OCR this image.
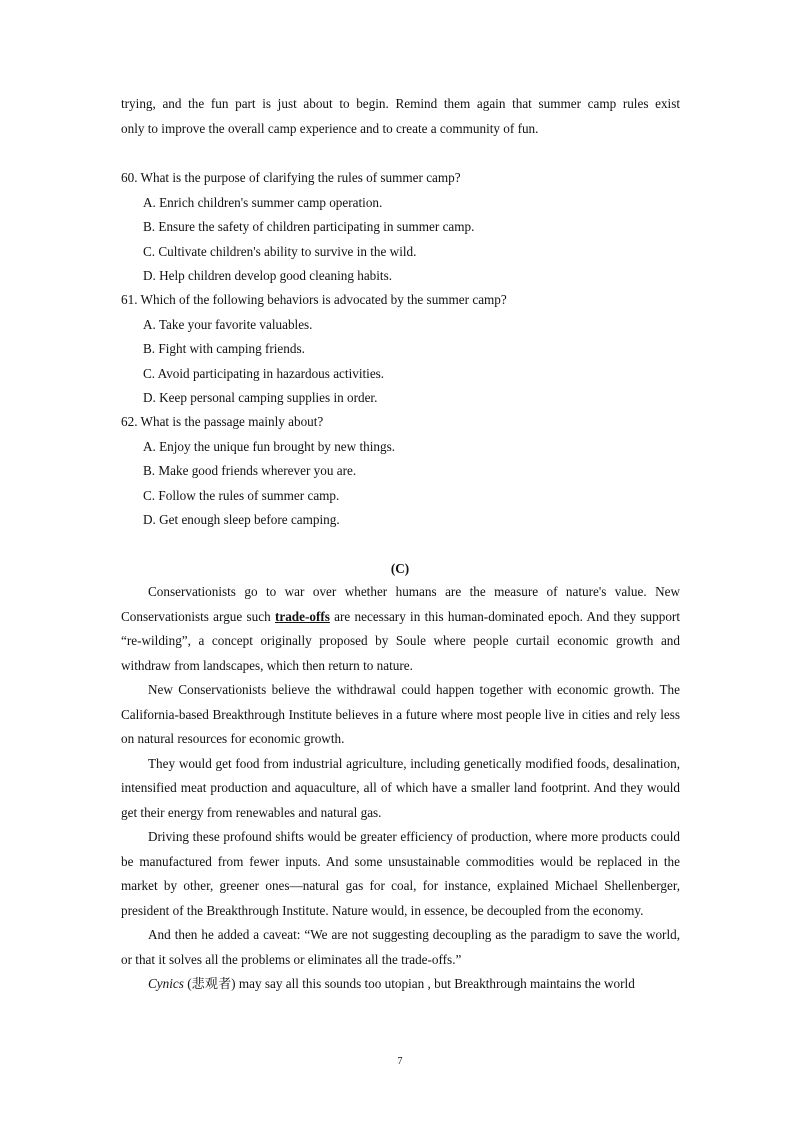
trying, and the fun part is just about to begin. Remind them again that summer camp rules exist

only to improve the overall camp experience and to create a community of fun.

60. What is the purpose of clarifying the rules of summer camp?

A. Enrich children's summer camp operation.

B. Ensure the safety of children participating in summer camp.

C. Cultivate children's ability to survive in the wild.

D. Help children develop good cleaning habits.

61. Which of the following behaviors is advocated by the summer camp?

A. Take your favorite valuables.

B. Fight with camping friends.

C. Avoid participating in hazardous activities.

D. Keep personal camping supplies in order.

62. What is the passage mainly about?

A. Enjoy the unique fun brought by new things.

B. Make good friends wherever you are.

C. Follow the rules of summer camp.

D. Get enough sleep before camping.

(C)

Conservationists go to war over whether humans are the measure of nature's value. New Conservationists argue such trade-offs are necessary in this human-dominated epoch. And they support “re-wilding”, a concept originally proposed by Soule where people curtail economic growth and withdraw from landscapes, which then return to nature.

New Conservationists believe the withdrawal could happen together with economic growth. The California-based Breakthrough Institute believes in a future where most people live in cities and rely less on natural resources for economic growth.

They would get food from industrial agriculture, including genetically modified foods, desalination, intensified meat production and aquaculture, all of which have a smaller land footprint. And they would get their energy from renewables and natural gas.

Driving these profound shifts would be greater efficiency of production, where more products could be manufactured from fewer inputs. And some unsustainable commodities would be replaced in the market by other, greener ones—natural gas for coal, for instance, explained Michael Shellenberger, president of the Breakthrough Institute. Nature would, in essence, be decoupled from the economy.

And then he added a caveat: “We are not suggesting decoupling as the paradigm to save the world, or that it solves all the problems or eliminates all the trade-offs.”

Cynics (悲观者) may say all this sounds too utopian , but Breakthrough maintains the world

7
